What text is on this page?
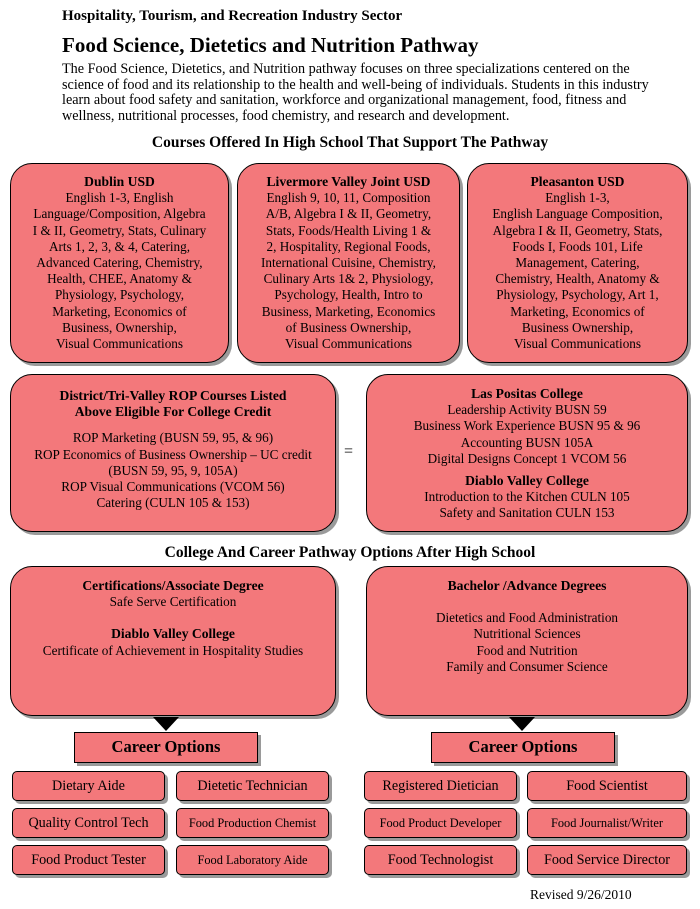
Hospitality, Tourism, and Recreation Industry Sector
Food Science, Dietetics and Nutrition Pathway
The Food Science, Dietetics, and Nutrition pathway focuses on three specializations centered on the science of food and its relationship to the health and well-being of individuals. Students in this industry learn about food safety and sanitation, workforce and organizational management, food, fitness and wellness, nutritional processes, food chemistry, and research and development.
Courses Offered In High School That Support The Pathway
Dublin USD
English 1-3, English
Language/Composition, Algebra
I & II, Geometry, Stats, Culinary
Arts 1, 2, 3, & 4, Catering,
Advanced Catering, Chemistry,
Health, CHEE, Anatomy &
Physiology, Psychology,
Marketing, Economics of
Business, Ownership,
Visual Communications
Livermore Valley Joint USD
English 9, 10, 11, Composition
A/B, Algebra I & II, Geometry,
Stats, Foods/Health Living 1 &
2, Hospitality, Regional Foods,
International Cuisine, Chemistry,
Culinary Arts 1& 2, Physiology,
Psychology, Health, Intro to
Business, Marketing, Economics
of Business Ownership,
Visual Communications
Pleasanton USD
English 1-3,
English Language Composition,
Algebra I & II, Geometry, Stats,
Foods I, Foods 101, Life
Management, Catering,
Chemistry, Health, Anatomy &
Physiology, Psychology, Art 1,
Marketing, Economics of
Business Ownership,
Visual Communications
District/Tri-Valley ROP Courses Listed
Above Eligible For College Credit
ROP Marketing (BUSN 59, 95, & 96)
ROP Economics of Business Ownership – UC credit
(BUSN 59, 95, 9, 105A)
ROP Visual Communications (VCOM 56)
Catering (CULN 105 & 153)
=
Las Positas College
Leadership Activity BUSN 59
Business Work Experience BUSN 95 & 96
Accounting BUSN 105A
Digital Designs Concept 1 VCOM 56
Diablo Valley College
Introduction to the Kitchen CULN 105
Safety and Sanitation CULN 153
College And Career Pathway Options After High School
Certifications/Associate Degree
Safe Serve Certification
Diablo Valley College
Certificate of Achievement in Hospitality Studies
Bachelor /Advance Degrees
Dietetics and Food Administration
Nutritional Sciences
Food and Nutrition
Family and Consumer Science
Career Options	Career Options
Dietary Aide	Dietetic Technician
Quality Control Tech	Food Production Chemist
Food Product Tester	Food Laboratory Aide
Registered Dietician	Food Scientist
Food Product Developer	Food Journalist/Writer
Food Technologist	Food Service Director
Revised 9/26/2010
